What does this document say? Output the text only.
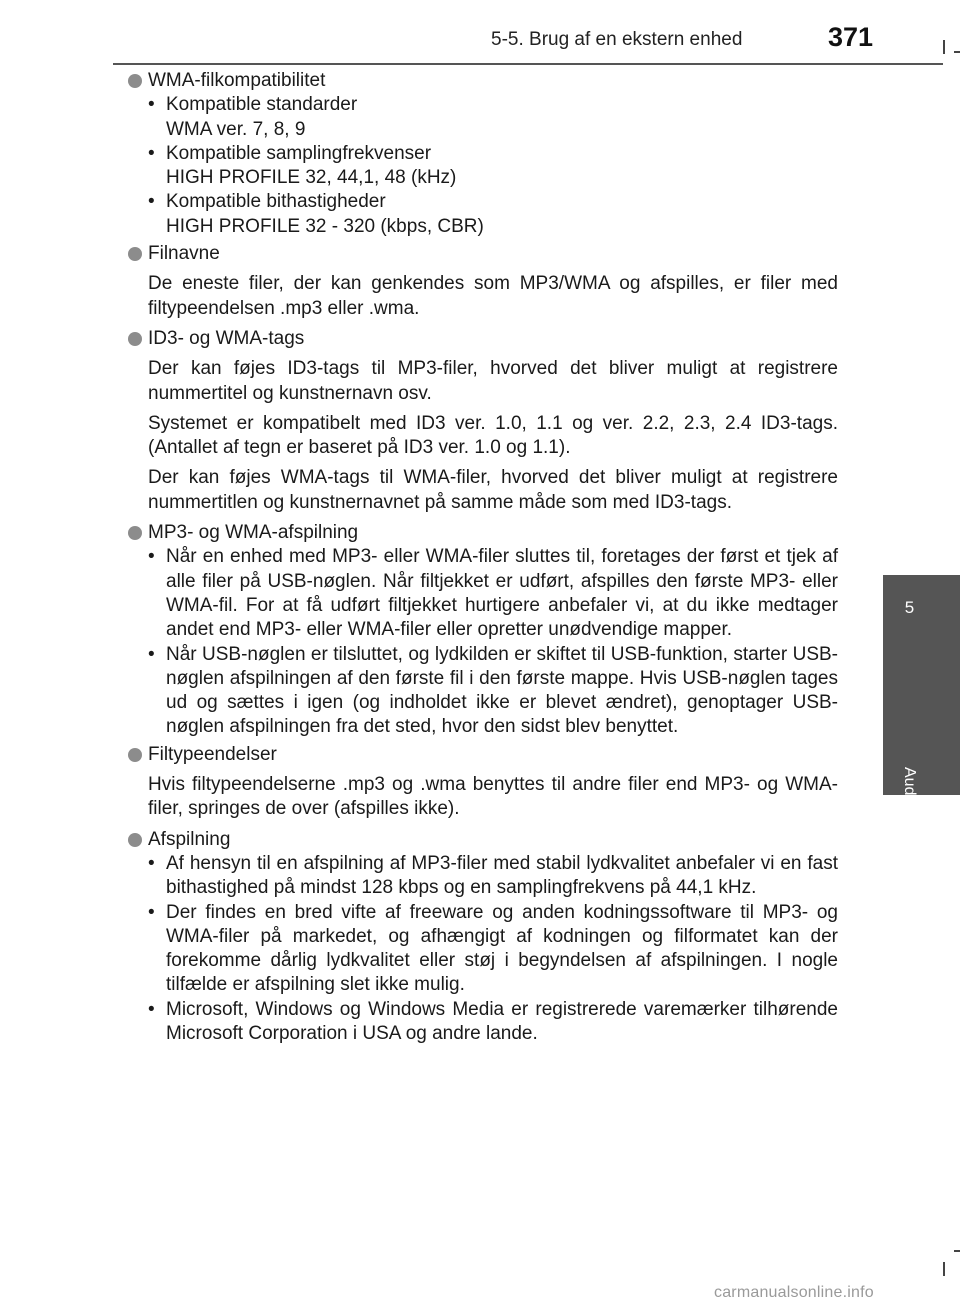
5-5. Brug af en ekstern enhed	371
5
Audiosystem
WMA-filkompatibilitet
• Kompatible standarder
WMA ver. 7, 8, 9
• Kompatible samplingfrekvenser
HIGH PROFILE 32, 44,1, 48 (kHz)
• Kompatible bithastigheder
HIGH PROFILE 32 - 320 (kbps, CBR)
Filnavne
De eneste filer, der kan genkendes som MP3/WMA og afspilles, er filer med filtypeendelsen .mp3 eller .wma.
ID3- og WMA-tags
Der kan føjes ID3-tags til MP3-filer, hvorved det bliver muligt at registrere nummertitel og kunstnernavn osv.
Systemet er kompatibelt med ID3 ver. 1.0, 1.1 og ver. 2.2, 2.3, 2.4 ID3-tags. (Antallet af tegn er baseret på ID3 ver. 1.0 og 1.1).
Der kan føjes WMA-tags til WMA-filer, hvorved det bliver muligt at registrere nummertitlen og kunstnernavnet på samme måde som med ID3-tags.
MP3- og WMA-afspilning
• Når en enhed med MP3- eller WMA-filer sluttes til, foretages der først et tjek af alle filer på USB-nøglen. Når filtjekket er udført, afspilles den første MP3- eller WMA-fil. For at få udført filtjekket hurtigere anbefaler vi, at du ikke medtager andet end MP3- eller WMA-filer eller opretter unødvendige mapper.
• Når USB-nøglen er tilsluttet, og lydkilden er skiftet til USB-funktion, starter USB-nøglen afspilningen af den første fil i den første mappe. Hvis USB-nøglen tages ud og sættes i igen (og indholdet ikke er blevet ændret), genoptager USB-nøglen afspilningen fra det sted, hvor den sidst blev benyttet.
Filtypeendelser
Hvis filtypeendelserne .mp3 og .wma benyttes til andre filer end MP3- og WMA-filer, springes de over (afspilles ikke).
Afspilning
• Af hensyn til en afspilning af MP3-filer med stabil lydkvalitet anbefaler vi en fast bithastighed på mindst 128 kbps og en samplingfrekvens på 44,1 kHz.
• Der findes en bred vifte af freeware og anden kodningssoftware til MP3- og WMA-filer på markedet, og afhængigt af kodningen og filformatet kan der forekomme dårlig lydkvalitet eller støj i begyndelsen af afspilningen. I nogle tilfælde er afspilning slet ikke mulig.
• Microsoft, Windows og Windows Media er registrerede varemærker tilhørende Microsoft Corporation i USA og andre lande.
carmanualsonline.info
